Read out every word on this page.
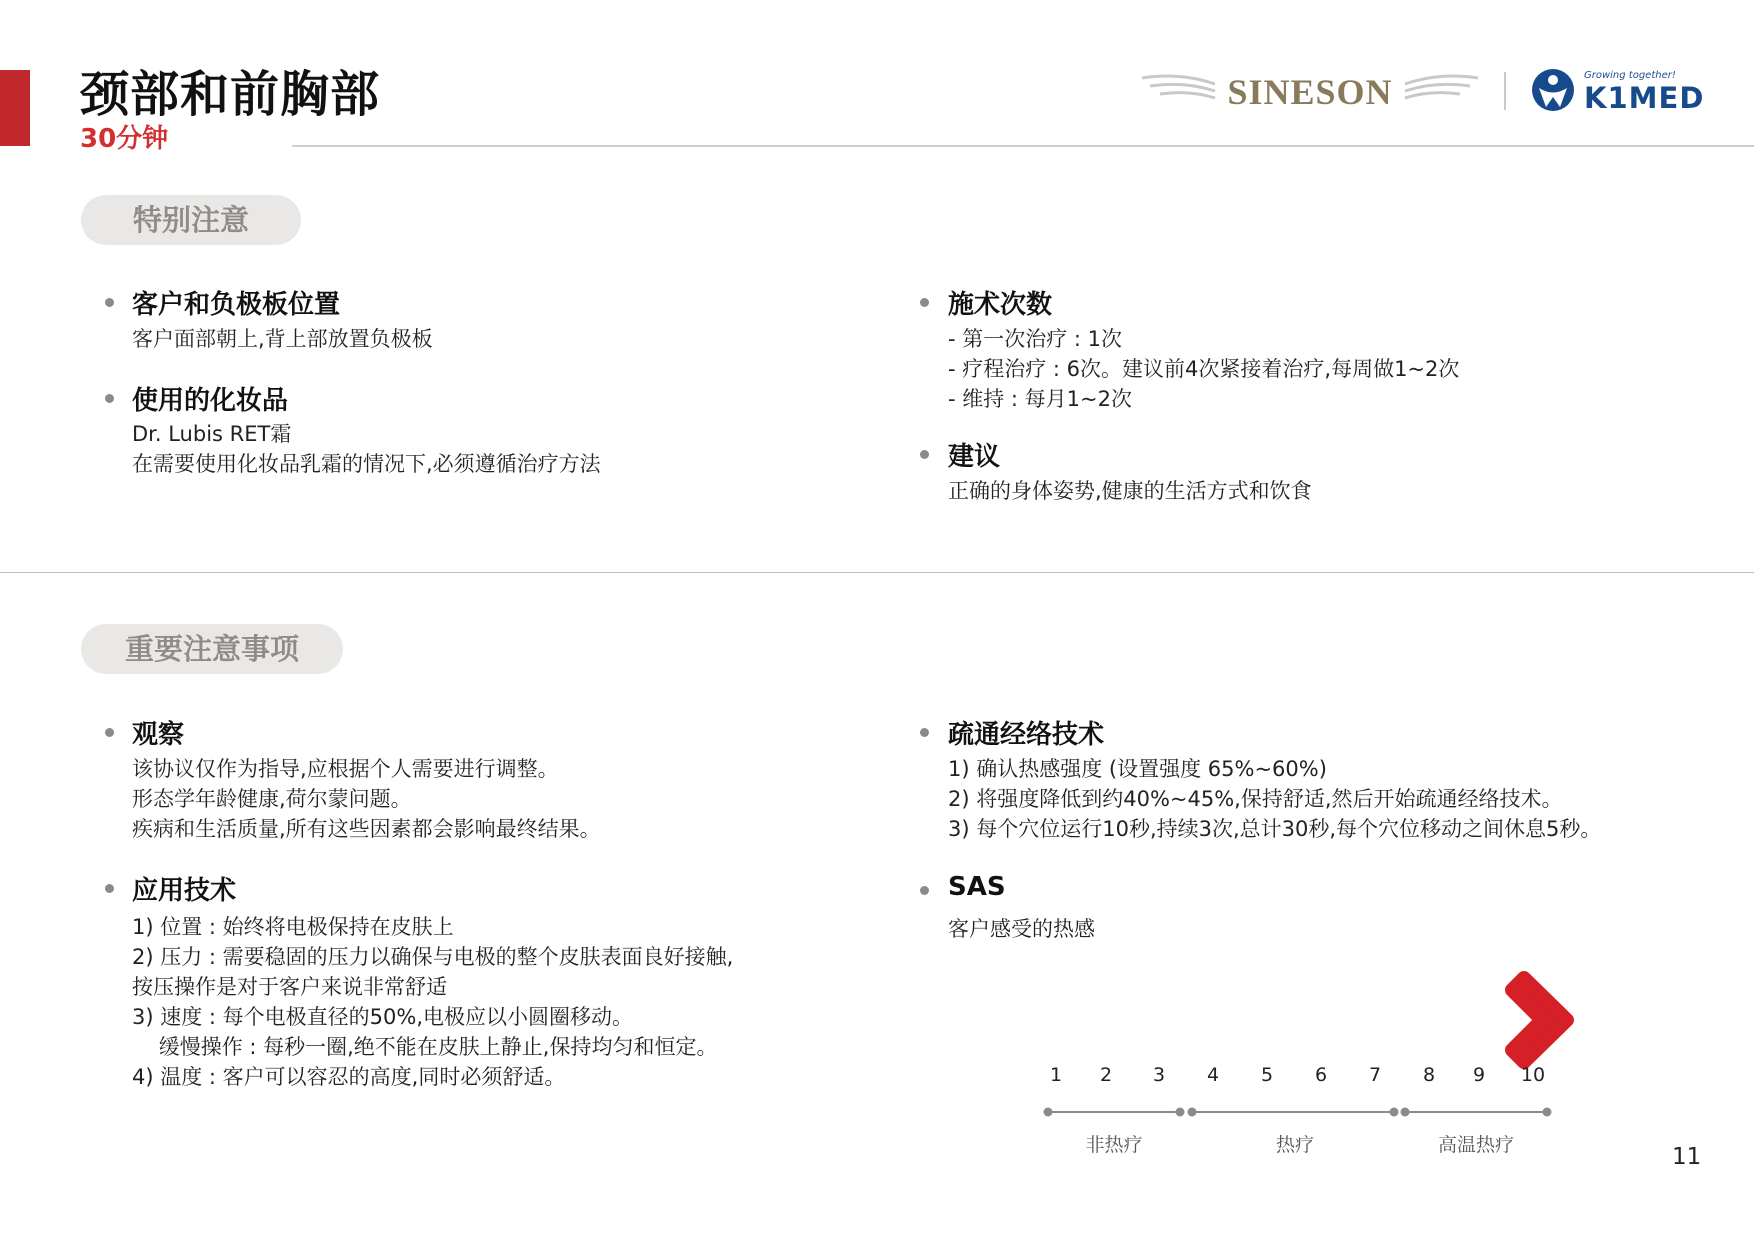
颈部和前胸部
30分钟
SINESON	Growing together!
K1MED
特别注意
客户和负极板位置
客户面部朝上,背上部放置负极板
使用的化妆品
Dr. Lubis RET霜
在需要使用化妆品乳霜的情况下,必须遵循治疗方法
施术次数
- 第一次治疗 : 1次
- 疗程治疗 : 6次。建议前4次紧接着治疗,每周做1~2次
- 维持 : 每月1~2次
建议
正确的身体姿势,健康的生活方式和饮食
重要注意事项
观察
该协议仅作为指导,应根据个人需要进行调整。
形态学年龄健康,荷尔蒙问题。
疾病和生活质量,所有这些因素都会影响最终结果。
应用技术
1) 位置 : 始终将电极保持在皮肤上
2) 压力 : 需要稳固的压力以确保与电极的整个皮肤表面良好接触,
按压操作是对于客户来说非常舒适
3) 速度 : 每个电极直径的50%,电极应以小圆圈移动。
缓慢操作 : 每秒一圈,绝不能在皮肤上静止,保持均匀和恒定。
4) 温度 : 客户可以容忍的高度,同时必须舒适。
疏通经络技术
1) 确认热感强度 (设置强度 65%~60%)
2) 将强度降低到约40%~45%,保持舒适,然后开始疏通经络技术。
3) 每个穴位运行10秒,持续3次,总计30秒,每个穴位移动之间休息5秒。
SAS
客户感受的热感
1 2 3 4 5 6 7 8 9 10
非热疗	热疗	高温热疗	11
